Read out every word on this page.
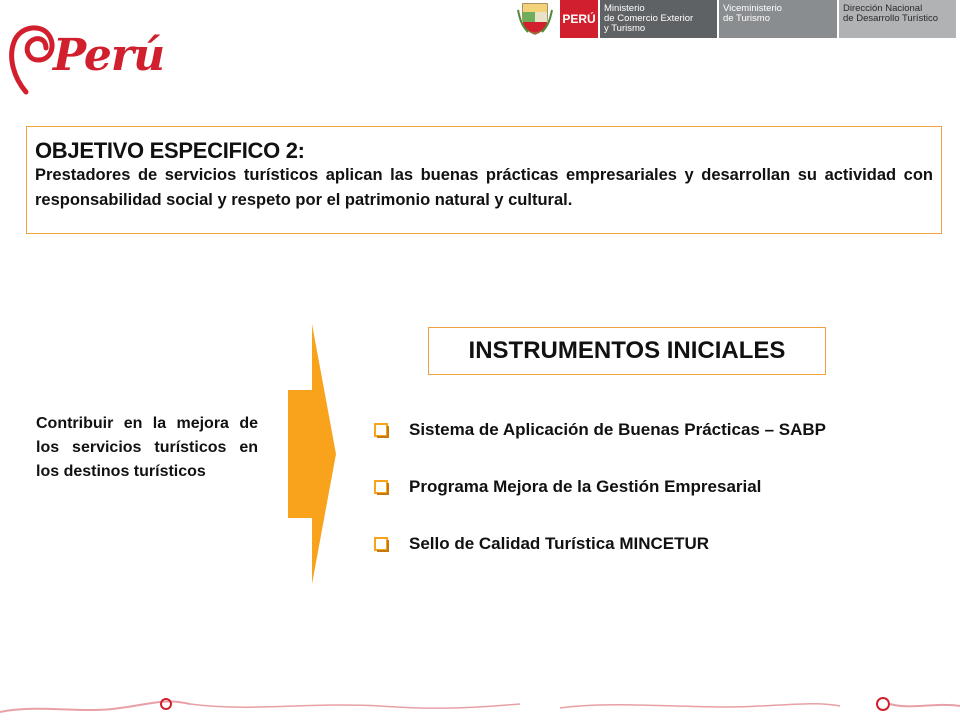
Perú
PERÚ
Ministerio
de Comercio Exterior
y Turismo
Viceministerio
de Turismo
Dirección Nacional
de Desarrollo Turístico
OBJETIVO ESPECIFICO 2:
Prestadores de servicios turísticos aplican las buenas prácticas empresariales y desarrollan su actividad con responsabilidad social y respeto por el patrimonio natural y cultural.
Contribuir en la mejora de los servicios turísticos en los destinos turísticos
INSTRUMENTOS INICIALES
Sistema de Aplicación de Buenas Prácticas – SABP
Programa Mejora de la Gestión Empresarial
Sello de Calidad Turística MINCETUR
